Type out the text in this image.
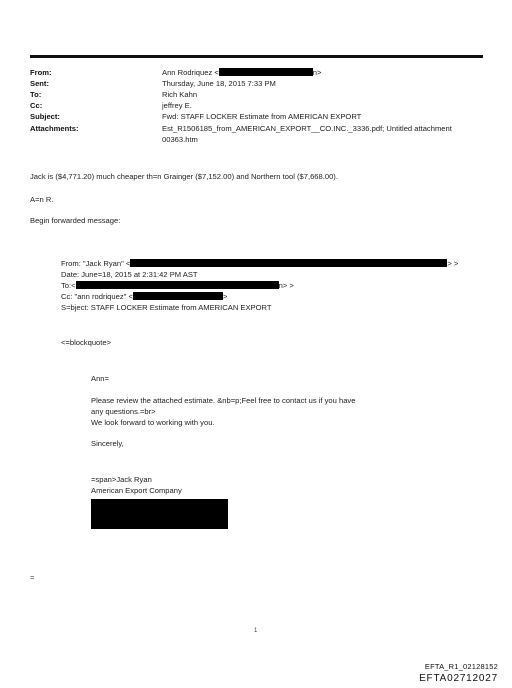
From:	Ann Rodriquez <	n>
Sent:	Thursday, June 18, 2015 7:33 PM
To:	Rich Kahn
Cc:	jeffrey E.
Subject:	Fwd: STAFF LOCKER Estimate from AMERICAN EXPORT
Attachments:	Est_R1506185_from_AMERICAN_EXPORT__CO.INC._3336.pdf; Untitled attachment
00363.htm
Jack is ($4,771.20) much cheaper th=n Grainger ($7,152.00) and Northern tool ($7,668.00).
A=n R.
Begin forwarded message:
From: "Jack Ryan" <	> >
Date: June=18, 2015 at 2:31:42 PM AST
To:<	n> >
Cc: "ann rodriquez" <	>
S=bject: STAFF LOCKER Estimate from AMERICAN EXPORT
<=blockquote>
Ann=
Please review the attached estimate. &nb=p;Feel free to contact us if you have
any questions.=br>
We look forward to working with you.
Sincerely,
=span>Jack Ryan
American Export Company
=
1
EFTA_R1_02128152
EFTA02712027
